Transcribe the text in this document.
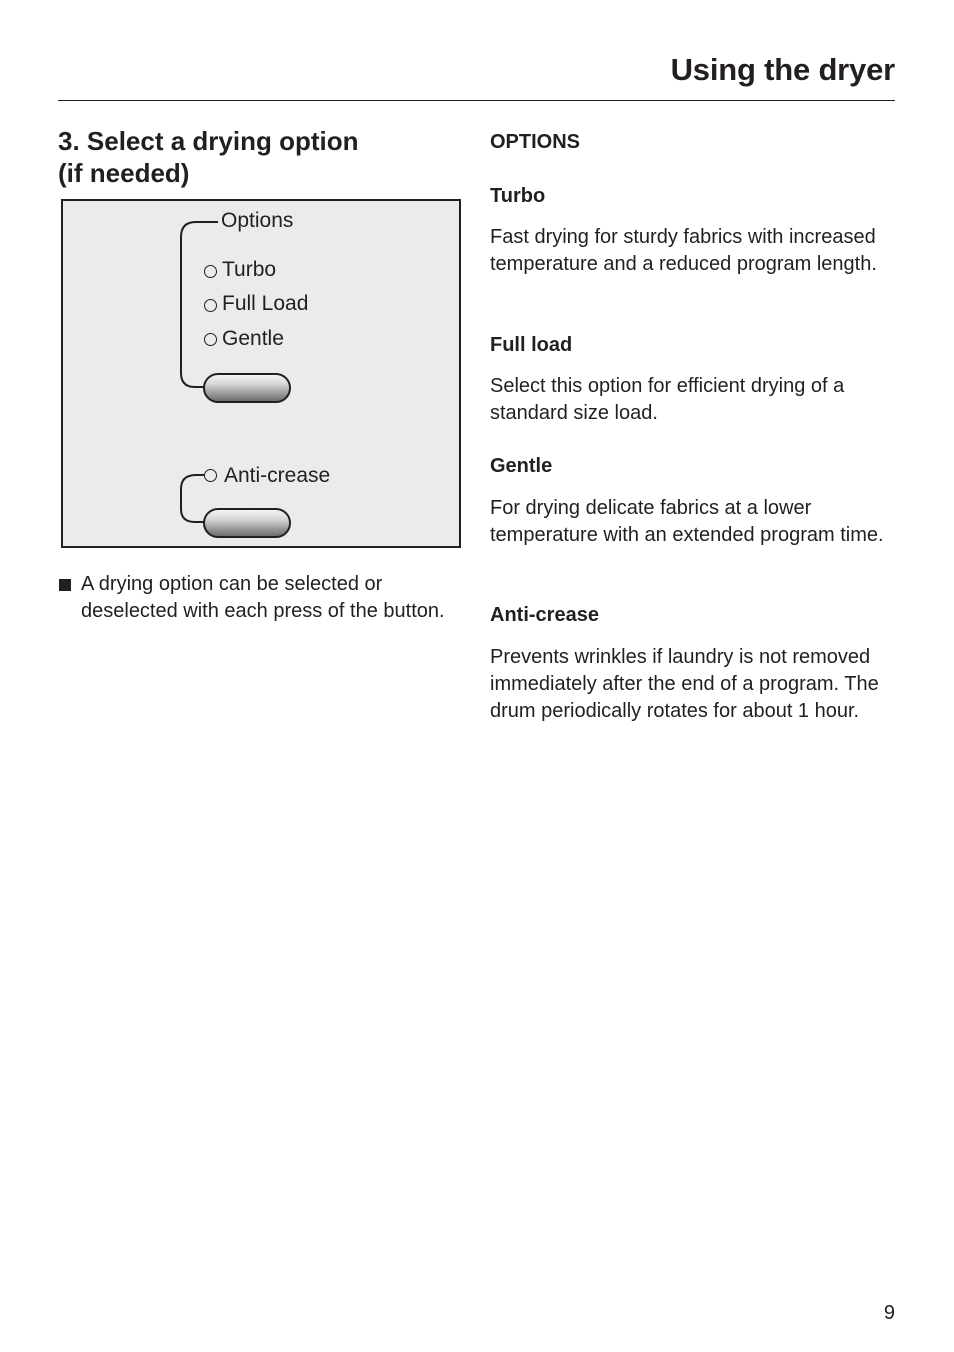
Using the dryer
3. Select a drying option
(if needed)
Options
Turbo
Full Load
Gentle
Anti-crease
A drying option can be selected or deselected with each press of the button.
OPTIONS
Turbo
Fast drying for sturdy fabrics with increased temperature and a reduced program length.
Full load
Select this option for efficient drying of a standard size load.
Gentle
For drying delicate fabrics at a lower temperature with an extended program time.
Anti-crease
Prevents wrinkles if laundry is not removed immediately after the end of a program. The drum periodically rotates for about 1 hour.
9
